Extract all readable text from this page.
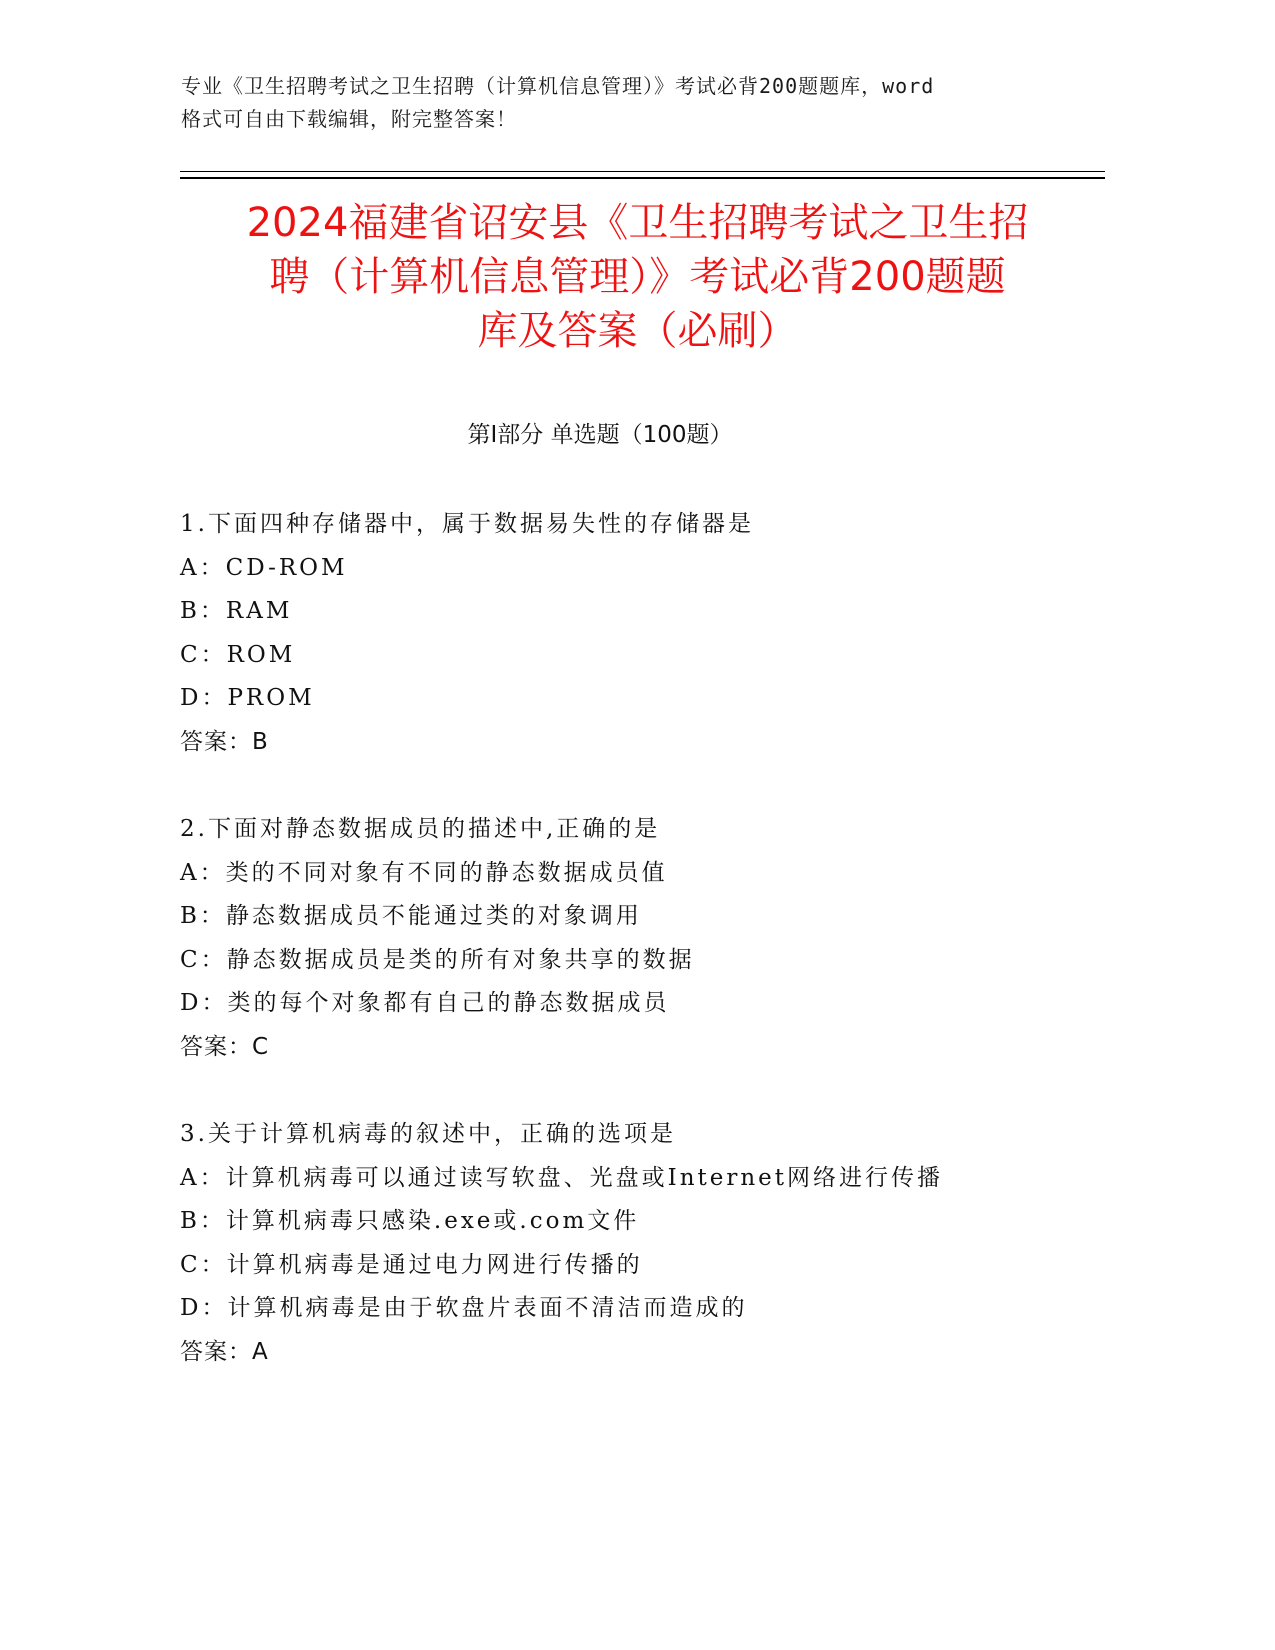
专业《卫生招聘考试之卫生招聘（计算机信息管理）》考试必背200题题库，word
格式可自由下载编辑，附完整答案！
2024福建省诏安县《卫生招聘考试之卫生招
聘（计算机信息管理）》考试必背200题题
库及答案（必刷）
第Ⅰ部分 单选题（100题）
1.下面四种存储器中，属于数据易失性的存储器是
A：CD-ROM
B：RAM
C：ROM
D：PROM
答案：B
2.下面对静态数据成员的描述中,正确的是
A：类的不同对象有不同的静态数据成员值
B：静态数据成员不能通过类的对象调用
C：静态数据成员是类的所有对象共享的数据
D：类的每个对象都有自己的静态数据成员
答案：C
3.关于计算机病毒的叙述中，正确的选项是
A：计算机病毒可以通过读写软盘、光盘或Internet网络进行传播
B：计算机病毒只感染.exe或.com文件
C：计算机病毒是通过电力网进行传播的
D：计算机病毒是由于软盘片表面不清洁而造成的
答案：A
